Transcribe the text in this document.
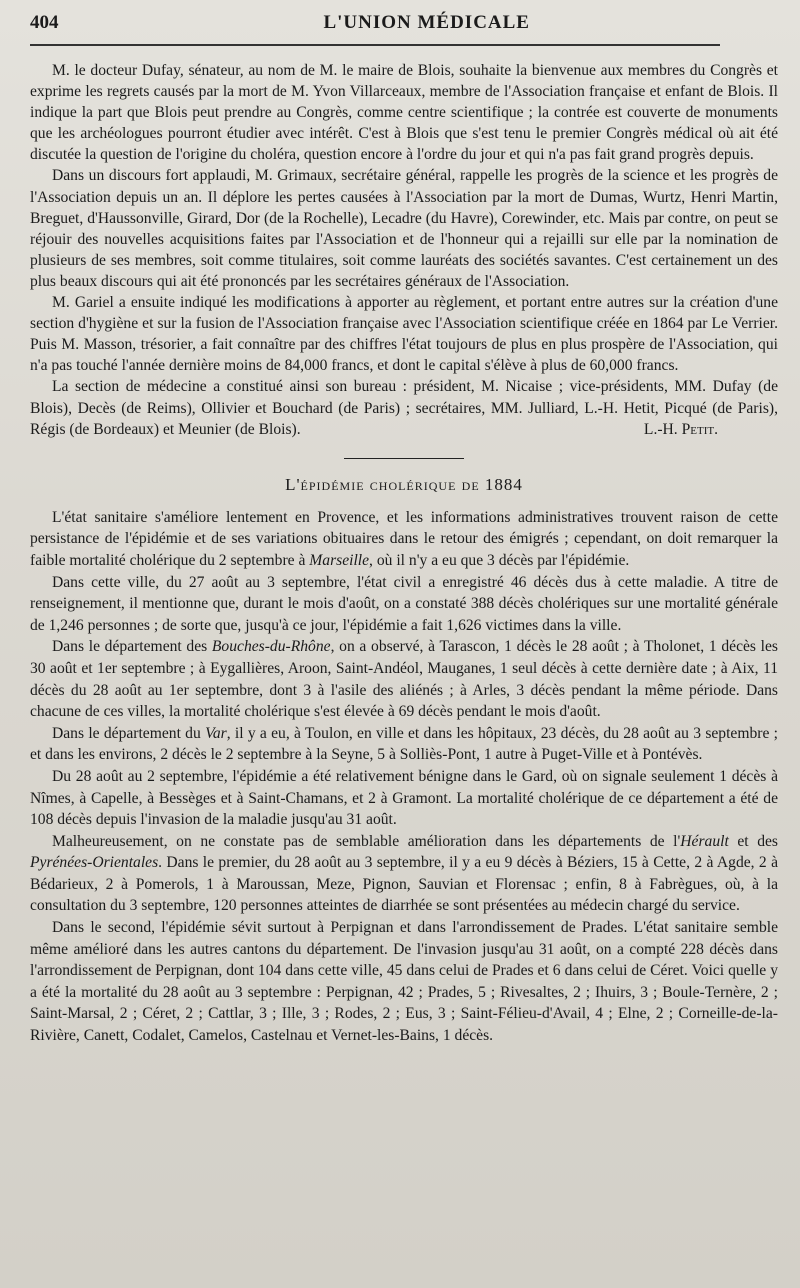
404	L'UNION MÉDICALE

M. le docteur Dufay, sénateur, au nom de M. le maire de Blois, souhaite la bienvenue aux membres du Congrès et exprime les regrets causés par la mort de M. Yvon Villarceaux, membre de l'Association française et enfant de Blois. Il indique la part que Blois peut prendre au Congrès, comme centre scientifique ; la contrée est couverte de monuments que les archéologues pourront étudier avec intérêt. C'est à Blois que s'est tenu le premier Congrès médical où ait été discutée la question de l'origine du choléra, question encore à l'ordre du jour et qui n'a pas fait grand progrès depuis.

Dans un discours fort applaudi, M. Grimaux, secrétaire général, rappelle les progrès de la science et les progrès de l'Association depuis un an. Il déplore les pertes causées à l'Association par la mort de Dumas, Wurtz, Henri Martin, Breguet, d'Haussonville, Girard, Dor (de la Rochelle), Lecadre (du Havre), Corewinder, etc. Mais par contre, on peut se réjouir des nouvelles acquisitions faites par l'Association et de l'honneur qui a rejailli sur elle par la nomination de plusieurs de ses membres, soit comme titulaires, soit comme lauréats des sociétés savantes. C'est certainement un des plus beaux discours qui ait été prononcés par les secrétaires généraux de l'Association.

M. Gariel a ensuite indiqué les modifications à apporter au règlement, et portant entre autres sur la création d'une section d'hygiène et sur la fusion de l'Association française avec l'Association scientifique créée en 1864 par Le Verrier. Puis M. Masson, trésorier, a fait connaître par des chiffres l'état toujours de plus en plus prospère de l'Association, qui n'a pas touché l'année dernière moins de 84,000 francs, et dont le capital s'élève à plus de 60,000 francs.

La section de médecine a constitué ainsi son bureau : président, M. Nicaise ; vice-présidents, MM. Dufay (de Blois), Decès (de Reims), Ollivier et Bouchard (de Paris) ; secrétaires, MM. Julliard, L.-H. Hetit, Picqué (de Paris), Régis (de Bordeaux) et Meunier (de Blois).	L.-H. Petit.

L'épidémie cholérique de 1884

L'état sanitaire s'améliore lentement en Provence, et les informations administratives trouvent raison de cette persistance de l'épidémie et de ses variations obituaires dans le retour des émigrés ; cependant, on doit remarquer la faible mortalité cholérique du 2 septembre à Marseille, où il n'y a eu que 3 décès par l'épidémie.

Dans cette ville, du 27 août au 3 septembre, l'état civil a enregistré 46 décès dus à cette maladie. A titre de renseignement, il mentionne que, durant le mois d'août, on a constaté 388 décès cholériques sur une mortalité générale de 1,246 personnes ; de sorte que, jusqu'à ce jour, l'épidémie a fait 1,626 victimes dans la ville.

Dans le département des Bouches-du-Rhône, on a observé, à Tarascon, 1 décès le 28 août ; à Tholonet, 1 décès les 30 août et 1er septembre ; à Eygallières, Aroon, Saint-Andéol, Mauganes, 1 seul décès à cette dernière date ; à Aix, 11 décès du 28 août au 1er septembre, dont 3 à l'asile des aliénés ; à Arles, 3 décès pendant la même période. Dans chacune de ces villes, la mortalité cholérique s'est élevée à 69 décès pendant le mois d'août.

Dans le département du Var, il y a eu, à Toulon, en ville et dans les hôpitaux, 23 décès, du 28 août au 3 septembre ; et dans les environs, 2 décès le 2 septembre à la Seyne, 5 à Solliès-Pont, 1 autre à Puget-Ville et à Pontévès.

Du 28 août au 2 septembre, l'épidémie a été relativement bénigne dans le Gard, où on signale seulement 1 décès à Nîmes, à Capelle, à Bessèges et à Saint-Chamans, et 2 à Gramont. La mortalité cholérique de ce département a été de 108 décès depuis l'invasion de la maladie jusqu'au 31 août.

Malheureusement, on ne constate pas de semblable amélioration dans les départements de l'Hérault et des Pyrénées-Orientales. Dans le premier, du 28 août au 3 septembre, il y a eu 9 décès à Béziers, 15 à Cette, 2 à Agde, 2 à Bédarieux, 2 à Pomerols, 1 à Maroussan, Meze, Pignon, Sauvian et Florensac ; enfin, 8 à Fabrègues, où, à la consultation du 3 septembre, 120 personnes atteintes de diarrhée se sont présentées au médecin chargé du service.

Dans le second, l'épidémie sévit surtout à Perpignan et dans l'arrondissement de Prades. L'état sanitaire semble même amélioré dans les autres cantons du département. De l'invasion jusqu'au 31 août, on a compté 228 décès dans l'arrondissement de Perpignan, dont 104 dans cette ville, 45 dans celui de Prades et 6 dans celui de Céret. Voici quelle y a été la mortalité du 28 août au 3 septembre : Perpignan, 42 ; Prades, 5 ; Rivesaltes, 2 ; Ihuirs, 3 ; Boule-Ternère, 2 ; Saint-Marsal, 2 ; Céret, 2 ; Cattlar, 3 ; Ille, 3 ; Rodes, 2 ; Eus, 3 ; Saint-Félieu-d'Avail, 4 ; Elne, 2 ; Corneille-de-la-Rivière, Canett, Codalet, Camelos, Castelnau et Vernet-les-Bains, 1 décès.
